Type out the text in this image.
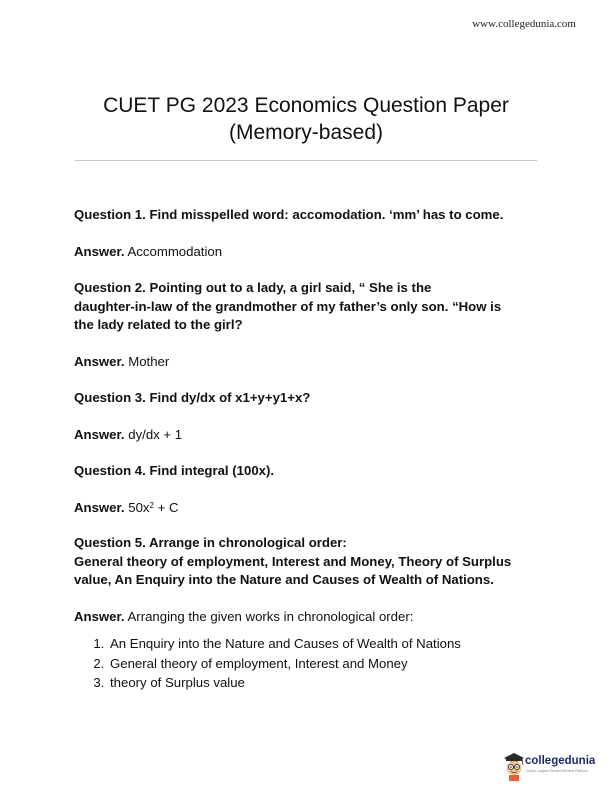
www.collegedunia.com
CUET PG 2023 Economics Question Paper
(Memory-based)

Question 1. Find misspelled word: accomodation. ‘mm’ has to come.

Answer. Accommodation

Question 2. Pointing out to a lady, a girl said, “ She is the

daughter-in-law of the grandmother of my father’s only son. “How is

the lady related to the girl?

Answer. Mother

Question 3. Find dy/dx of x1+y+y1+x?

Answer. dy/dx + 1

Question 4. Find integral (100x).

Answer. $50x^2 + C$

Question 5. Arrange in chronological order:

General theory of employment, Interest and Money, Theory of Surplus

value, An Enquiry into the Nature and Causes of Wealth of Nations.

Answer. Arranging the given works in chronological order:

1. An Enquiry into the Nature and Causes of Wealth of Nations
2. General theory of employment, Interest and Money
3. theory of Surplus value
collegedunia
India's Largest Student Review Platform
